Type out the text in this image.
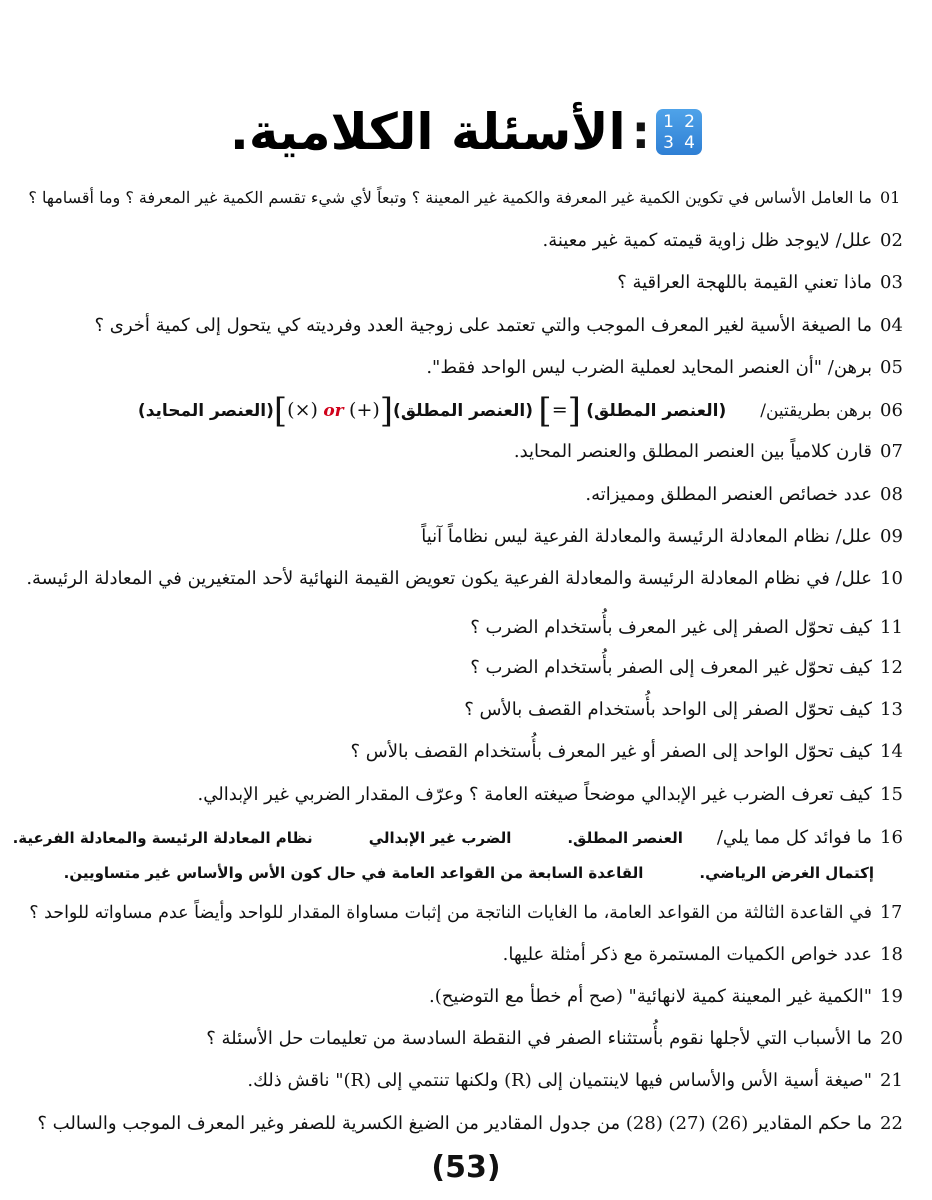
الأسئلة الكلامية. : 1 2
3 4
01ما العامل الأساس في تكوين الكمية غير المعرفة والكمية غير المعينة ؟ وتبعاً لأي شيء تقسم الكمية غير المعرفة ؟ وما أقسامها ؟
02علل/ لايوجد ظل زاوية قيمته كمية غير معينة.
03ماذا تعني القيمة باللهجة العراقية ؟
04ما الصيغة الأسية لغير المعرف الموجب والتي تعتمد على زوجية العدد وفرديته كي يتحول إلى كمية أخرى ؟
05برهن/ "أن العنصر المحايد لعملية الضرب ليس الواحد فقط".
06برهن بطريقتين/(العنصر المطلق) [=] (العنصر المطلق)[(×) or (+)](العنصر المحايد)
07قارن كلامياً بين العنصر المطلق والعنصر المحايد.
08عدد خصائص العنصر المطلق ومميزاته.
09علل/ نظام المعادلة الرئيسة والمعادلة الفرعية ليس نظاماً آنياً
10علل/ في نظام المعادلة الرئيسة والمعادلة الفرعية يكون تعويض القيمة النهائية لأحد المتغيرين في المعادلة الرئيسة.
11كيف تحوّل الصفر إلى غير المعرف بأُستخدام الضرب ؟
12كيف تحوّل غير المعرف إلى الصفر بأُستخدام الضرب ؟
13كيف تحوّل الصفر إلى الواحد بأُستخدام القصف بالأس ؟
14كيف تحوّل الواحد إلى الصفر أو غير المعرف بأُستخدام القصف بالأس ؟
15كيف تعرف الضرب غير الإبدالي موضحاً صيغته العامة ؟ وعرّف المقدار الضربي غير الإبدالي.
16ما فوائد كل مما يلي/العنصر المطلق.الضرب غير الإبدالينظام المعادلة الرئيسة والمعادلة الفرعية.
إكتمال الغرض الرياضي.القاعدة السابعة من القواعد العامة في حال كون الأس والأساس غير متساويين.
17في القاعدة الثالثة من القواعد العامة، ما الغايات الناتجة من إثبات مساواة المقدار للواحد وأيضاً عدم مساواته للواحد ؟
18عدد خواص الكميات المستمرة مع ذكر أمثلة عليها.
19"الكمية غير المعينة كمية لانهائية" (صح أم خطأ مع التوضيح).
20ما الأسباب التي لأجلها نقوم بأُستثناء الصفر في النقطة السادسة من تعليمات حل الأسئلة ؟
21"صيغة أسية الأس والأساس فيها لاينتميان إلى (R) ولكنها تنتمي إلى (R)" ناقش ذلك.
22ما حكم المقادير (26) (27) (28) من جدول المقادير من الضيغ الكسرية للصفر وغير المعرف الموجب والسالب ؟
(53)
